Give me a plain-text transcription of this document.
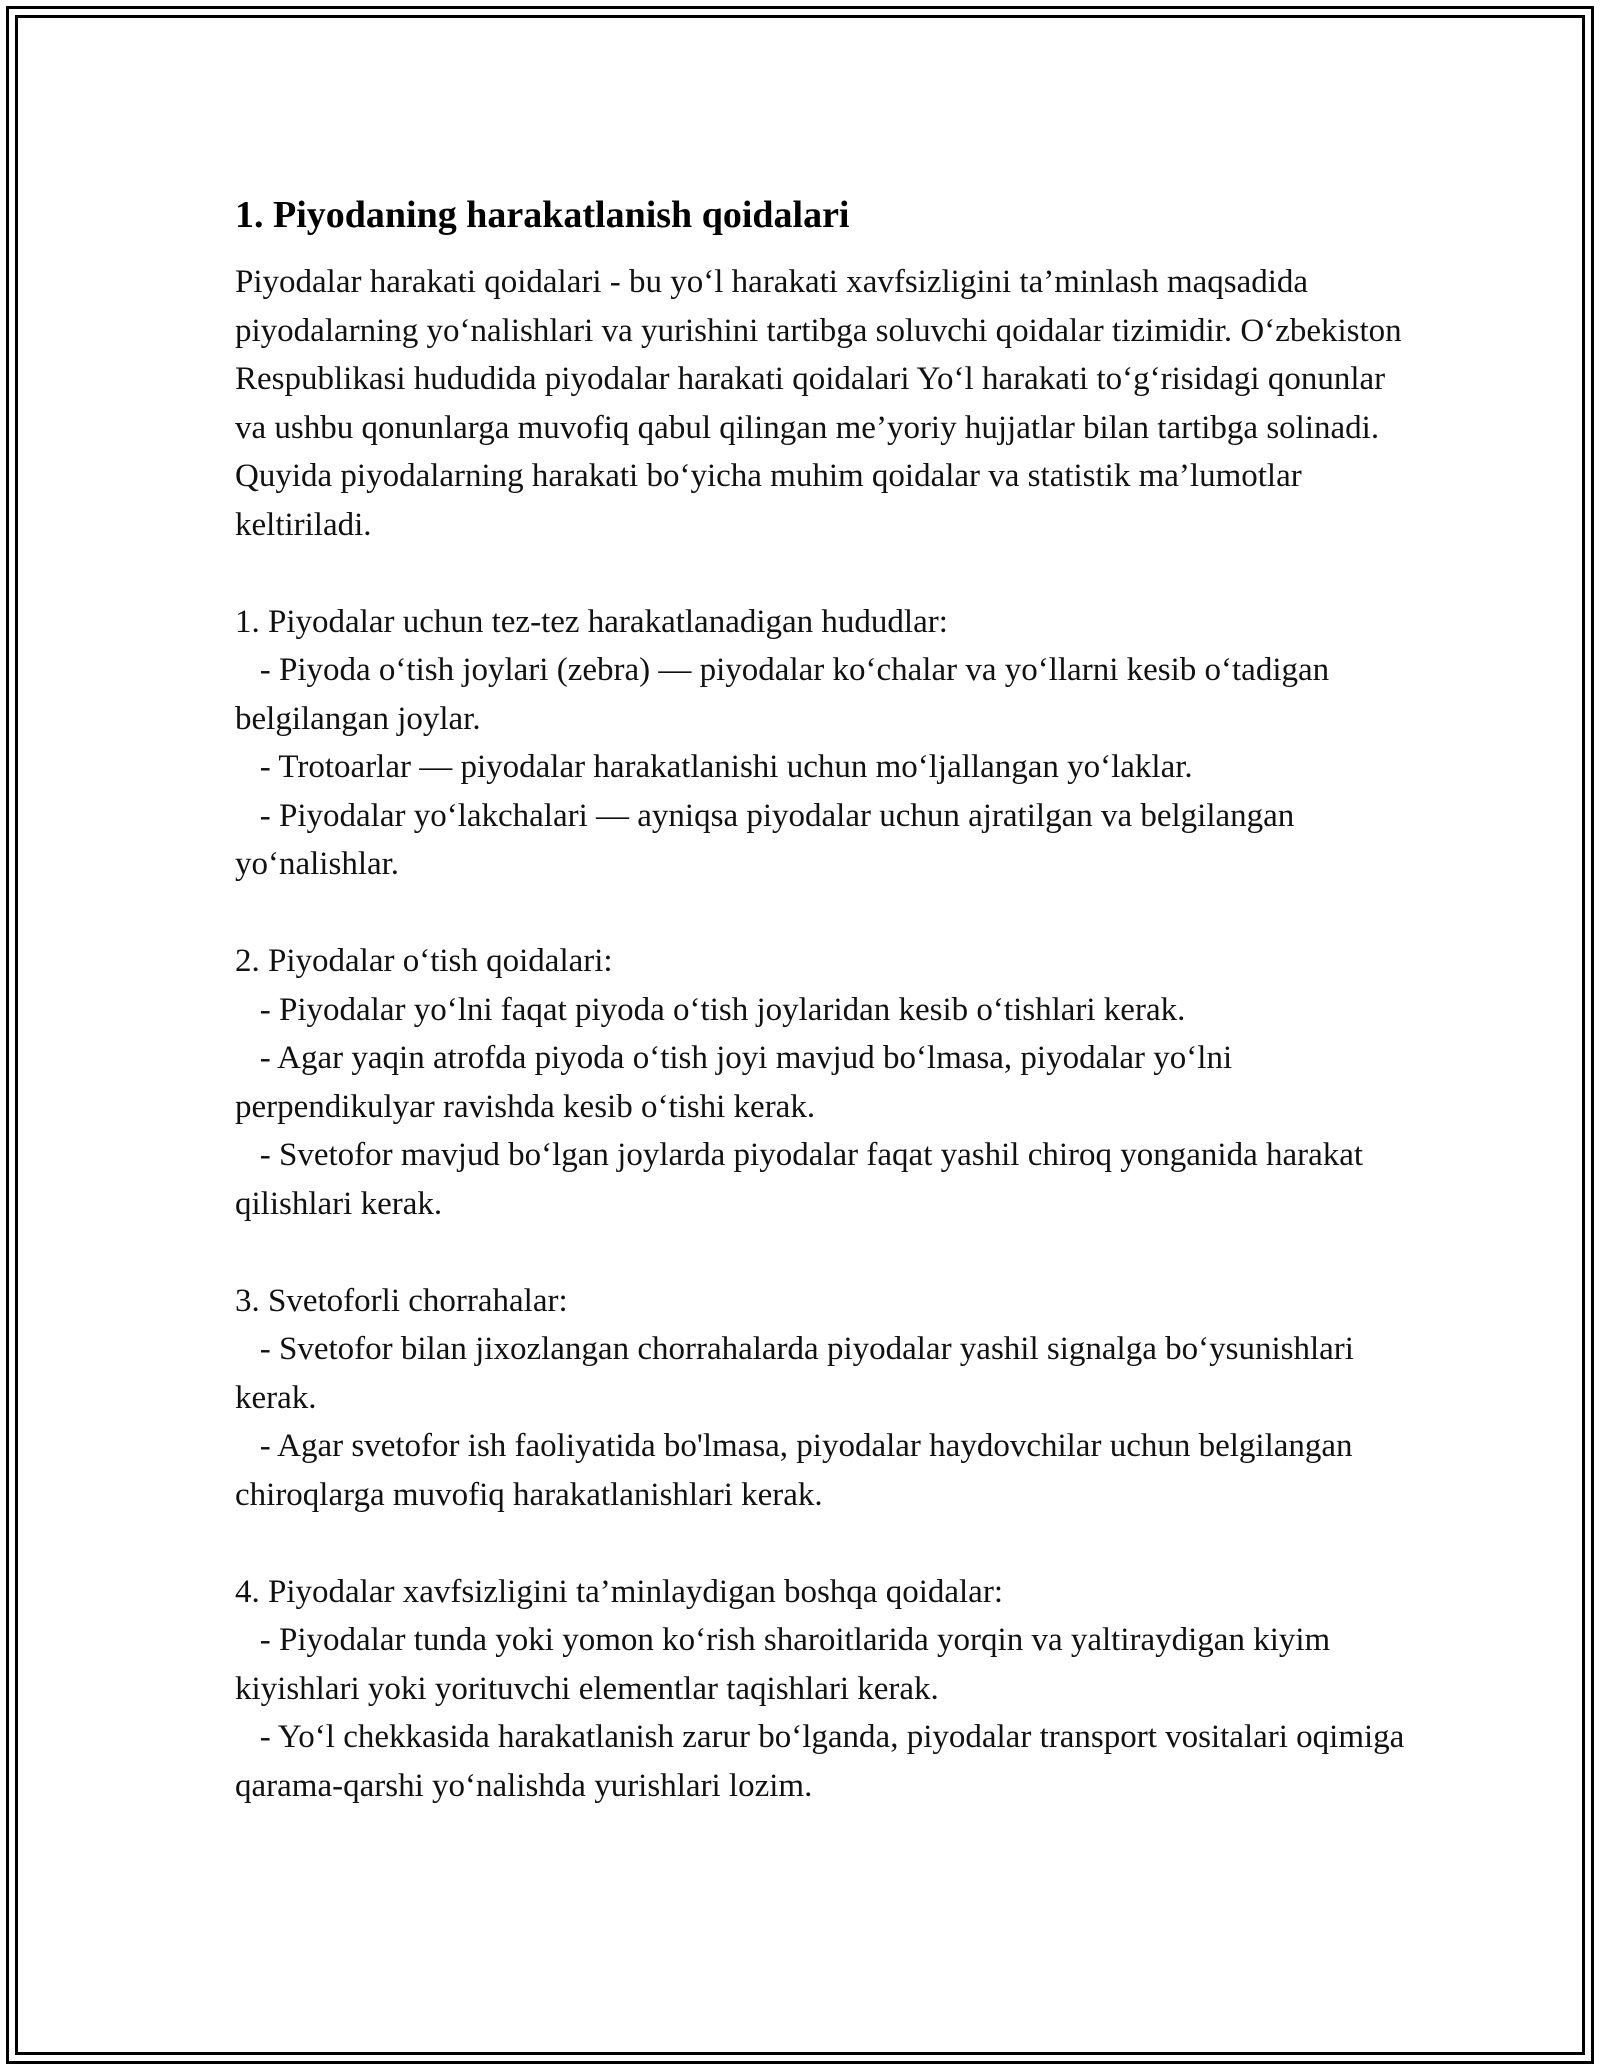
1. Piyodaning harakatlanish qoidalari

Piyodalar harakati qoidalari - bu yo‘l harakati xavfsizligini ta’minlash maqsadida piyodalarning yo‘nalishlari va yurishini tartibga soluvchi qoidalar tizimidir. O‘zbekiston Respublikasi hududida piyodalar harakati qoidalari Yo‘l harakati to‘g‘risidagi qonunlar va ushbu qonunlarga muvofiq qabul qilingan me’yoriy hujjatlar bilan tartibga solinadi. Quyida piyodalarning harakati bo‘yicha muhim qoidalar va statistik ma’lumotlar keltiriladi.

1. Piyodalar uchun tez-tez harakatlanadigan hududlar:

- Piyoda o‘tish joylari (zebra) — piyodalar ko‘chalar va yo‘llarni kesib o‘tadigan belgilangan joylar.

- Trotoarlar — piyodalar harakatlanishi uchun mo‘ljallangan yo‘laklar.

- Piyodalar yo‘lakchalari — ayniqsa piyodalar uchun ajratilgan va belgilangan yo‘nalishlar.

2. Piyodalar o‘tish qoidalari:

- Piyodalar yo‘lni faqat piyoda o‘tish joylaridan kesib o‘tishlari kerak.

- Agar yaqin atrofda piyoda o‘tish joyi mavjud bo‘lmasa, piyodalar yo‘lni perpendikulyar ravishda kesib o‘tishi kerak.

- Svetofor mavjud bo‘lgan joylarda piyodalar faqat yashil chiroq yonganida harakat qilishlari kerak.

3. Svetoforli chorrahalar:

- Svetofor bilan jixozlangan chorrahalarda piyodalar yashil signalga bo‘ysunishlari kerak.

- Agar svetofor ish faoliyatida bo'lmasa, piyodalar haydovchilar uchun belgilangan chiroqlarga muvofiq harakatlanishlari kerak.

4. Piyodalar xavfsizligini ta’minlaydigan boshqa qoidalar:

- Piyodalar tunda yoki yomon ko‘rish sharoitlarida yorqin va yaltiraydigan kiyim kiyishlari yoki yorituvchi elementlar taqishlari kerak.

- Yo‘l chekkasida harakatlanish zarur bo‘lganda, piyodalar transport vositalari oqimiga qarama-qarshi yo‘nalishda yurishlari lozim.
